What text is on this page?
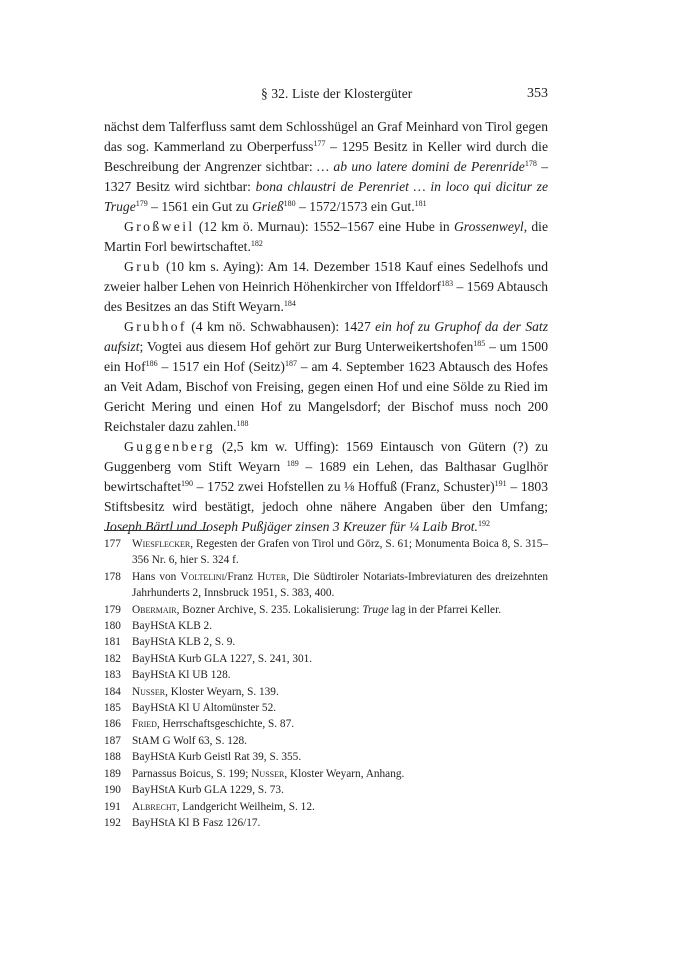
§ 32. Liste der Klostergüter	353

nächst dem Talferfluss samt dem Schlosshügel an Graf Meinhard von Tirol gegen das sog. Kammerland zu Oberperfuss$^{177}$ – 1295 Besitz in Keller wird durch die Beschreibung der Angrenzer sichtbar: … ab uno latere domini de Perenride$^{178}$ – 1327 Besitz wird sichtbar: bona chlaustri de Perenriet … in loco qui dicitur ze Truge$^{179}$ – 1561 ein Gut zu Grieß$^{180}$ – 1572/1573 ein Gut.$^{181}$

Großweil (12 km ö. Murnau): 1552–1567 eine Hube in Grossenweyl, die Martin Forl bewirtschaftet.$^{182}$

Grub (10 km s. Aying): Am 14. Dezember 1518 Kauf eines Sedelhofs und zweier halber Lehen von Heinrich Höhenkircher von Iffeldorf$^{183}$ – 1569 Abtausch des Besitzes an das Stift Weyarn.$^{184}$

Grubhof (4 km nö. Schwabhausen): 1427 ein hof zu Gruphof da der Satz aufsizt; Vogtei aus diesem Hof gehört zur Burg Unterweikertshofen$^{185}$ – um 1500 ein Hof$^{186}$ – 1517 ein Hof (Seitz)$^{187}$ – am 4. September 1623 Abtausch des Hofes an Veit Adam, Bischof von Freising, gegen einen Hof und eine Sölde zu Ried im Gericht Mering und einen Hof zu Mangelsdorf; der Bischof muss noch 200 Reichstaler dazu zahlen.$^{188}$

Guggenberg (2,5 km w. Uffing): 1569 Eintausch von Gütern (?) zu Guggenberg vom Stift Weyarn $^{189}$ – 1689 ein Lehen, das Balthasar Guglhör bewirtschaftet$^{190}$ – 1752 zwei Hofstellen zu ⅛ Hoffuß (Franz, Schuster)$^{191}$ – 1803 Stiftsbesitz wird bestätigt, jedoch ohne nähere Angaben über den Umfang; Joseph Bärtl und Joseph Pußjäger zinsen 3 Kreuzer für ¼ Laib Brot.$^{192}$

177 Wiesflecker, Regesten der Grafen von Tirol und Görz, S. 61; Monumenta Boica 8, S. 315–356 Nr. 6, hier S. 324 f.
178 Hans von Voltelini/Franz Huter, Die Südtiroler Notariats-Imbreviaturen des dreizehnten Jahrhunderts 2, Innsbruck 1951, S. 383, 400.
179 Obermair, Bozner Archive, S. 235. Lokalisierung: Truge lag in der Pfarrei Keller.
180 BayHStA KLB 2.
181 BayHStA KLB 2, S. 9.
182 BayHStA Kurb GLA 1227, S. 241, 301.
183 BayHStA Kl UB 128.
184 Nusser, Kloster Weyarn, S. 139.
185 BayHStA Kl U Altomünster 52.
186 Fried, Herrschaftsgeschichte, S. 87.
187 StAM G Wolf 63, S. 128.
188 BayHStA Kurb Geistl Rat 39, S. 355.
189 Parnassus Boicus, S. 199; Nusser, Kloster Weyarn, Anhang.
190 BayHStA Kurb GLA 1229, S. 73.
191 Albrecht, Landgericht Weilheim, S. 12.
192 BayHStA Kl B Fasz 126/17.
